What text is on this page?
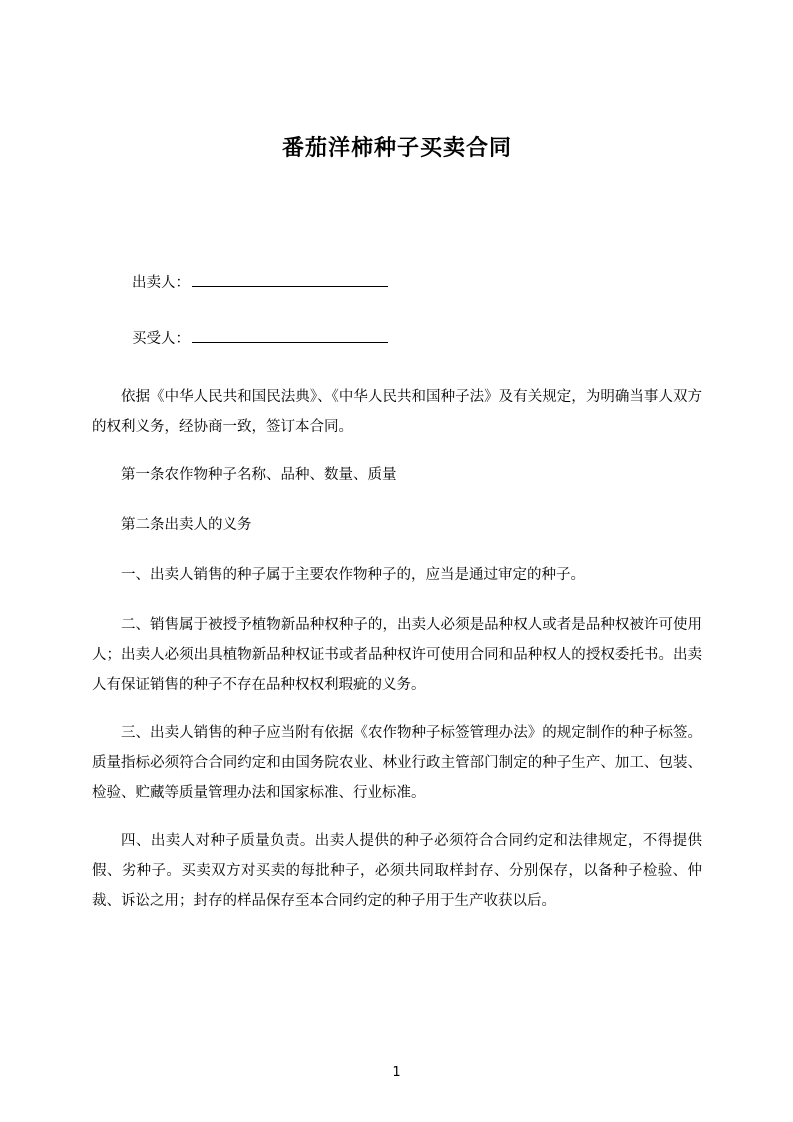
番茄洋柿种子买卖合同
出卖人：
买受人：

依据《中华人民共和国民法典》、《中华人民共和国种子法》及有关规定，为明确当事人双方的权利义务，经协商一致，签订本合同。

第一条农作物种子名称、品种、数量、质量

第二条出卖人的义务

一、出卖人销售的种子属于主要农作物种子的，应当是通过审定的种子。

二、销售属于被授予植物新品种权种子的，出卖人必须是品种权人或者是品种权被许可使用人；出卖人必须出具植物新品种权证书或者品种权许可使用合同和品种权人的授权委托书。出卖人有保证销售的种子不存在品种权权利瑕疵的义务。

三、出卖人销售的种子应当附有依据《农作物种子标签管理办法》的规定制作的种子标签。质量指标必须符合合同约定和由国务院农业、林业行政主管部门制定的种子生产、加工、包装、检验、贮藏等质量管理办法和国家标准、行业标准。

四、出卖人对种子质量负责。出卖人提供的种子必须符合合同约定和法律规定，不得提供假、劣种子。买卖双方对买卖的每批种子，必须共同取样封存、分别保存，以备种子检验、仲裁、诉讼之用；封存的样品保存至本合同约定的种子用于生产收获以后。

1
